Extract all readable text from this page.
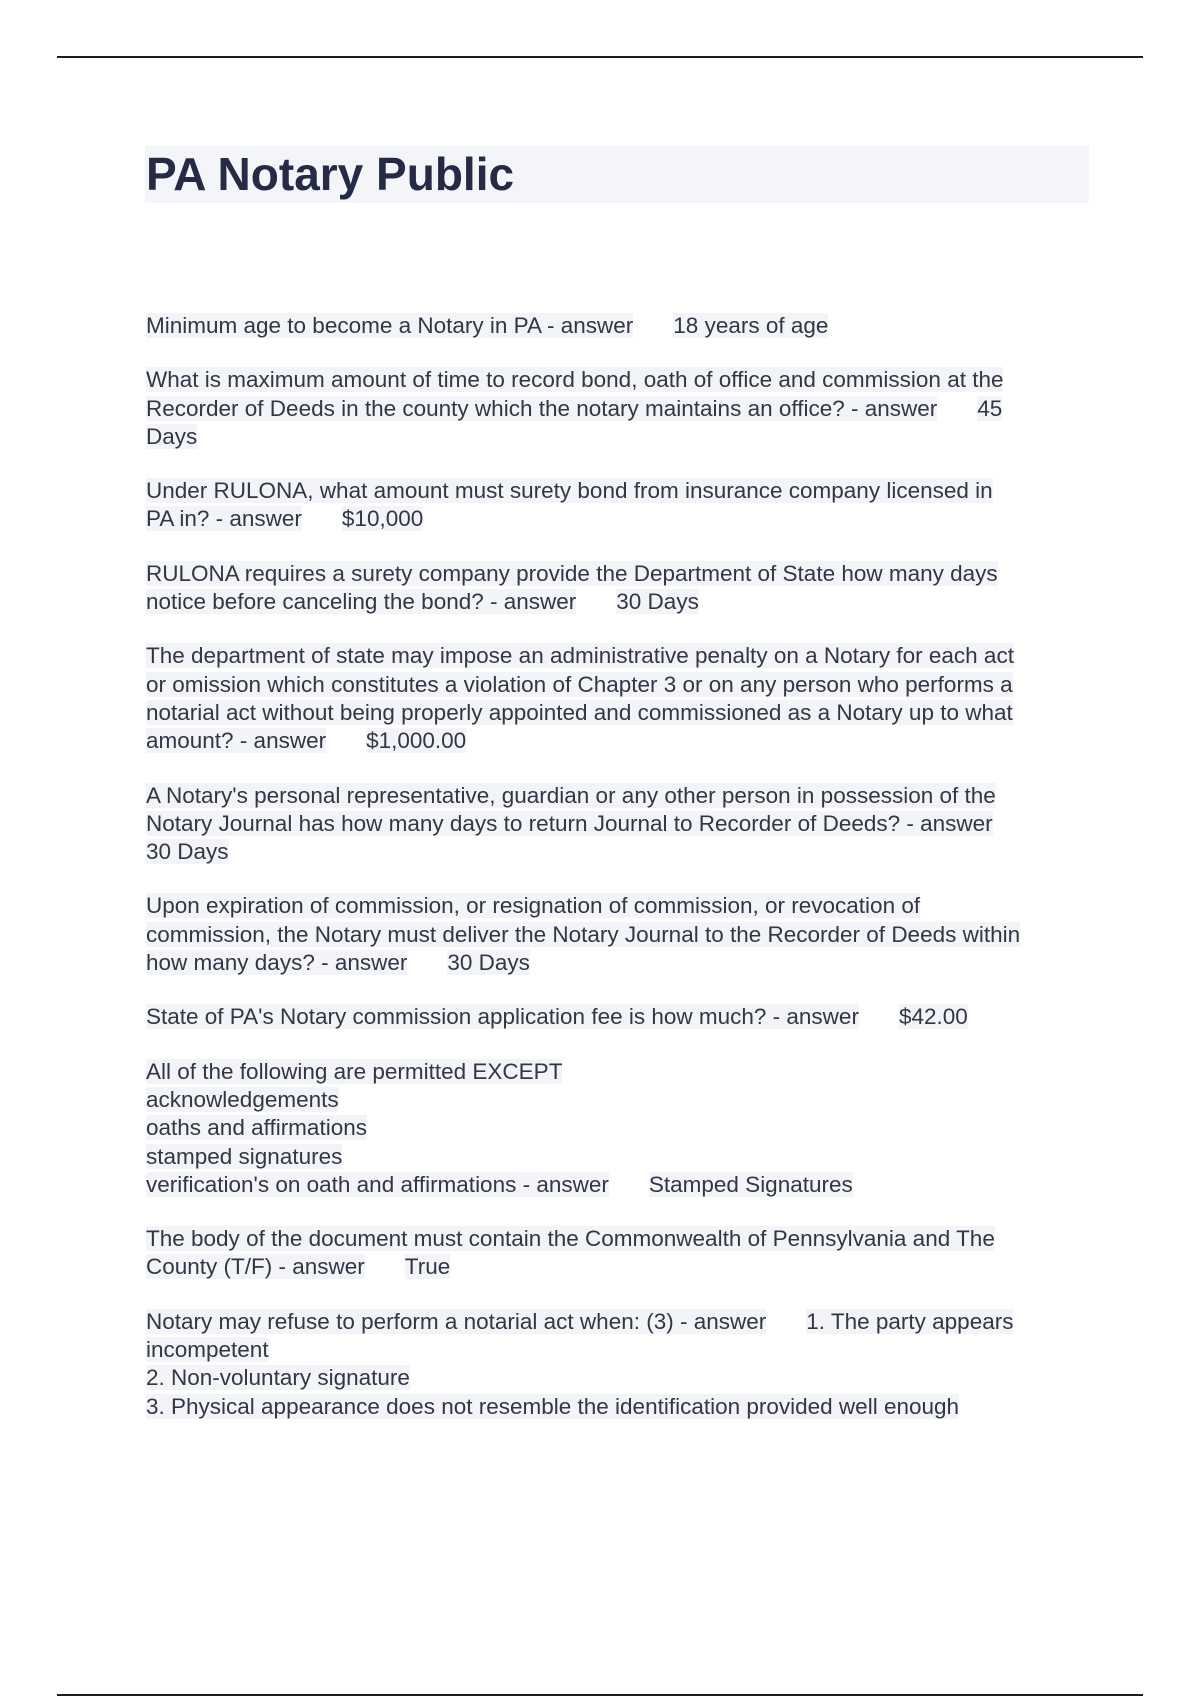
PA Notary Public

Minimum age to become a Notary in PA - answer 18 years of age

What is maximum amount of time to record bond, oath of office and commission at the
Recorder of Deeds in the county which the notary maintains an office? - answer 45
Days

Under RULONA, what amount must surety bond from insurance company licensed in
PA in? - answer $10,000

RULONA requires a surety company provide the Department of State how many days
notice before canceling the bond? - answer 30 Days

The department of state may impose an administrative penalty on a Notary for each act
or omission which constitutes a violation of Chapter 3 or on any person who performs a
notarial act without being properly appointed and commissioned as a Notary up to what
amount? - answer $1,000.00

A Notary's personal representative, guardian or any other person in possession of the
Notary Journal has how many days to return Journal to Recorder of Deeds? - answer
30 Days

Upon expiration of commission, or resignation of commission, or revocation of
commission, the Notary must deliver the Notary Journal to the Recorder of Deeds within
how many days? - answer 30 Days

State of PA's Notary commission application fee is how much? - answer $42.00

All of the following are permitted EXCEPT
acknowledgements
oaths and affirmations
stamped signatures
verification's on oath and affirmations - answer Stamped Signatures

The body of the document must contain the Commonwealth of Pennsylvania and The
County (T/F) - answer True

Notary may refuse to perform a notarial act when: (3) - answer 1. The party appears
incompetent
2. Non-voluntary signature
3. Physical appearance does not resemble the identification provided well enough
